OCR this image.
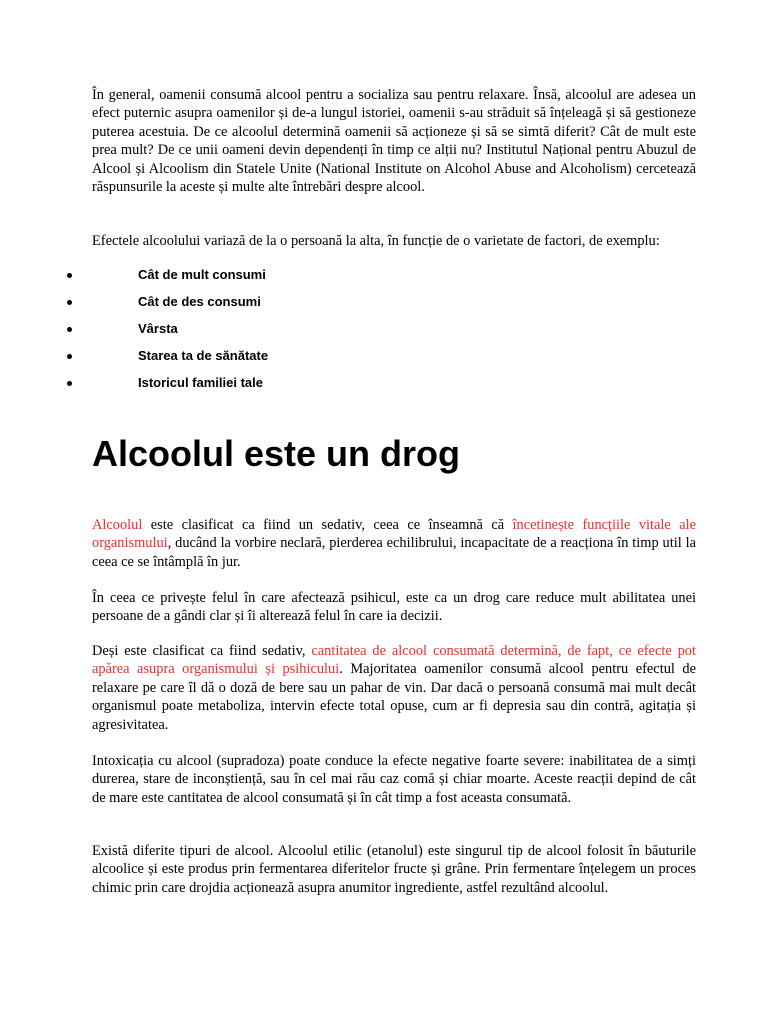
În general, oamenii consumă alcool pentru a socializa sau pentru relaxare. Însă, alcoolul are adesea un efect puternic asupra oamenilor și de-a lungul istoriei, oamenii s-au străduit să înțeleagă și să gestioneze puterea acestuia. De ce alcoolul determină oamenii să acționeze și să se simtă diferit? Cât de mult este prea mult? De ce unii oameni devin dependenți în timp ce alții nu? Institutul Național pentru Abuzul de Alcool și Alcoolism din Statele Unite (National Institute on Alcohol Abuse and Alcoholism) cercetează răspunsurile la aceste și multe alte întrebări despre alcool.

Efectele alcoolului variază de la o persoană la alta, în funcție de o varietate de factori, de exemplu:

Cât de mult consumi
Cât de des consumi
Vârsta
Starea ta de sănătate
Istoricul familiei tale
Alcoolul este un drog

Alcoolul este clasificat ca fiind un sedativ, ceea ce înseamnă că încetinește funcțiile vitale ale organismului, ducând la vorbire neclară, pierderea echilibrului, incapacitate de a reacționa în timp util la ceea ce se întâmplă în jur.

În ceea ce privește felul în care afectează psihicul, este ca un drog care reduce mult abilitatea unei persoane de a gândi clar și îi alterează felul în care ia decizii.

Deși este clasificat ca fiind sedativ, cantitatea de alcool consumată determină, de fapt, ce efecte pot apărea asupra organismului și psihicului. Majoritatea oamenilor consumă alcool pentru efectul de relaxare pe care îl dă o doză de bere sau un pahar de vin. Dar dacă o persoană consumă mai mult decât organismul poate metaboliza, intervin efecte total opuse, cum ar fi depresia sau din contră, agitația și agresivitatea.

Intoxicația cu alcool (supradoza) poate conduce la efecte negative foarte severe: inabilitatea de a simți durerea, stare de inconștiență, sau în cel mai rău caz comă și chiar moarte. Aceste reacții depind de cât de mare este cantitatea de alcool consumată și în cât timp a fost aceasta consumată.

Există diferite tipuri de alcool. Alcoolul etilic (etanolul) este singurul tip de alcool folosit în băuturile alcoolice și este produs prin fermentarea diferitelor fructe și grâne. Prin fermentare înțelegem un proces chimic prin care drojdia acționează asupra anumitor ingrediente, astfel rezultând alcoolul.
